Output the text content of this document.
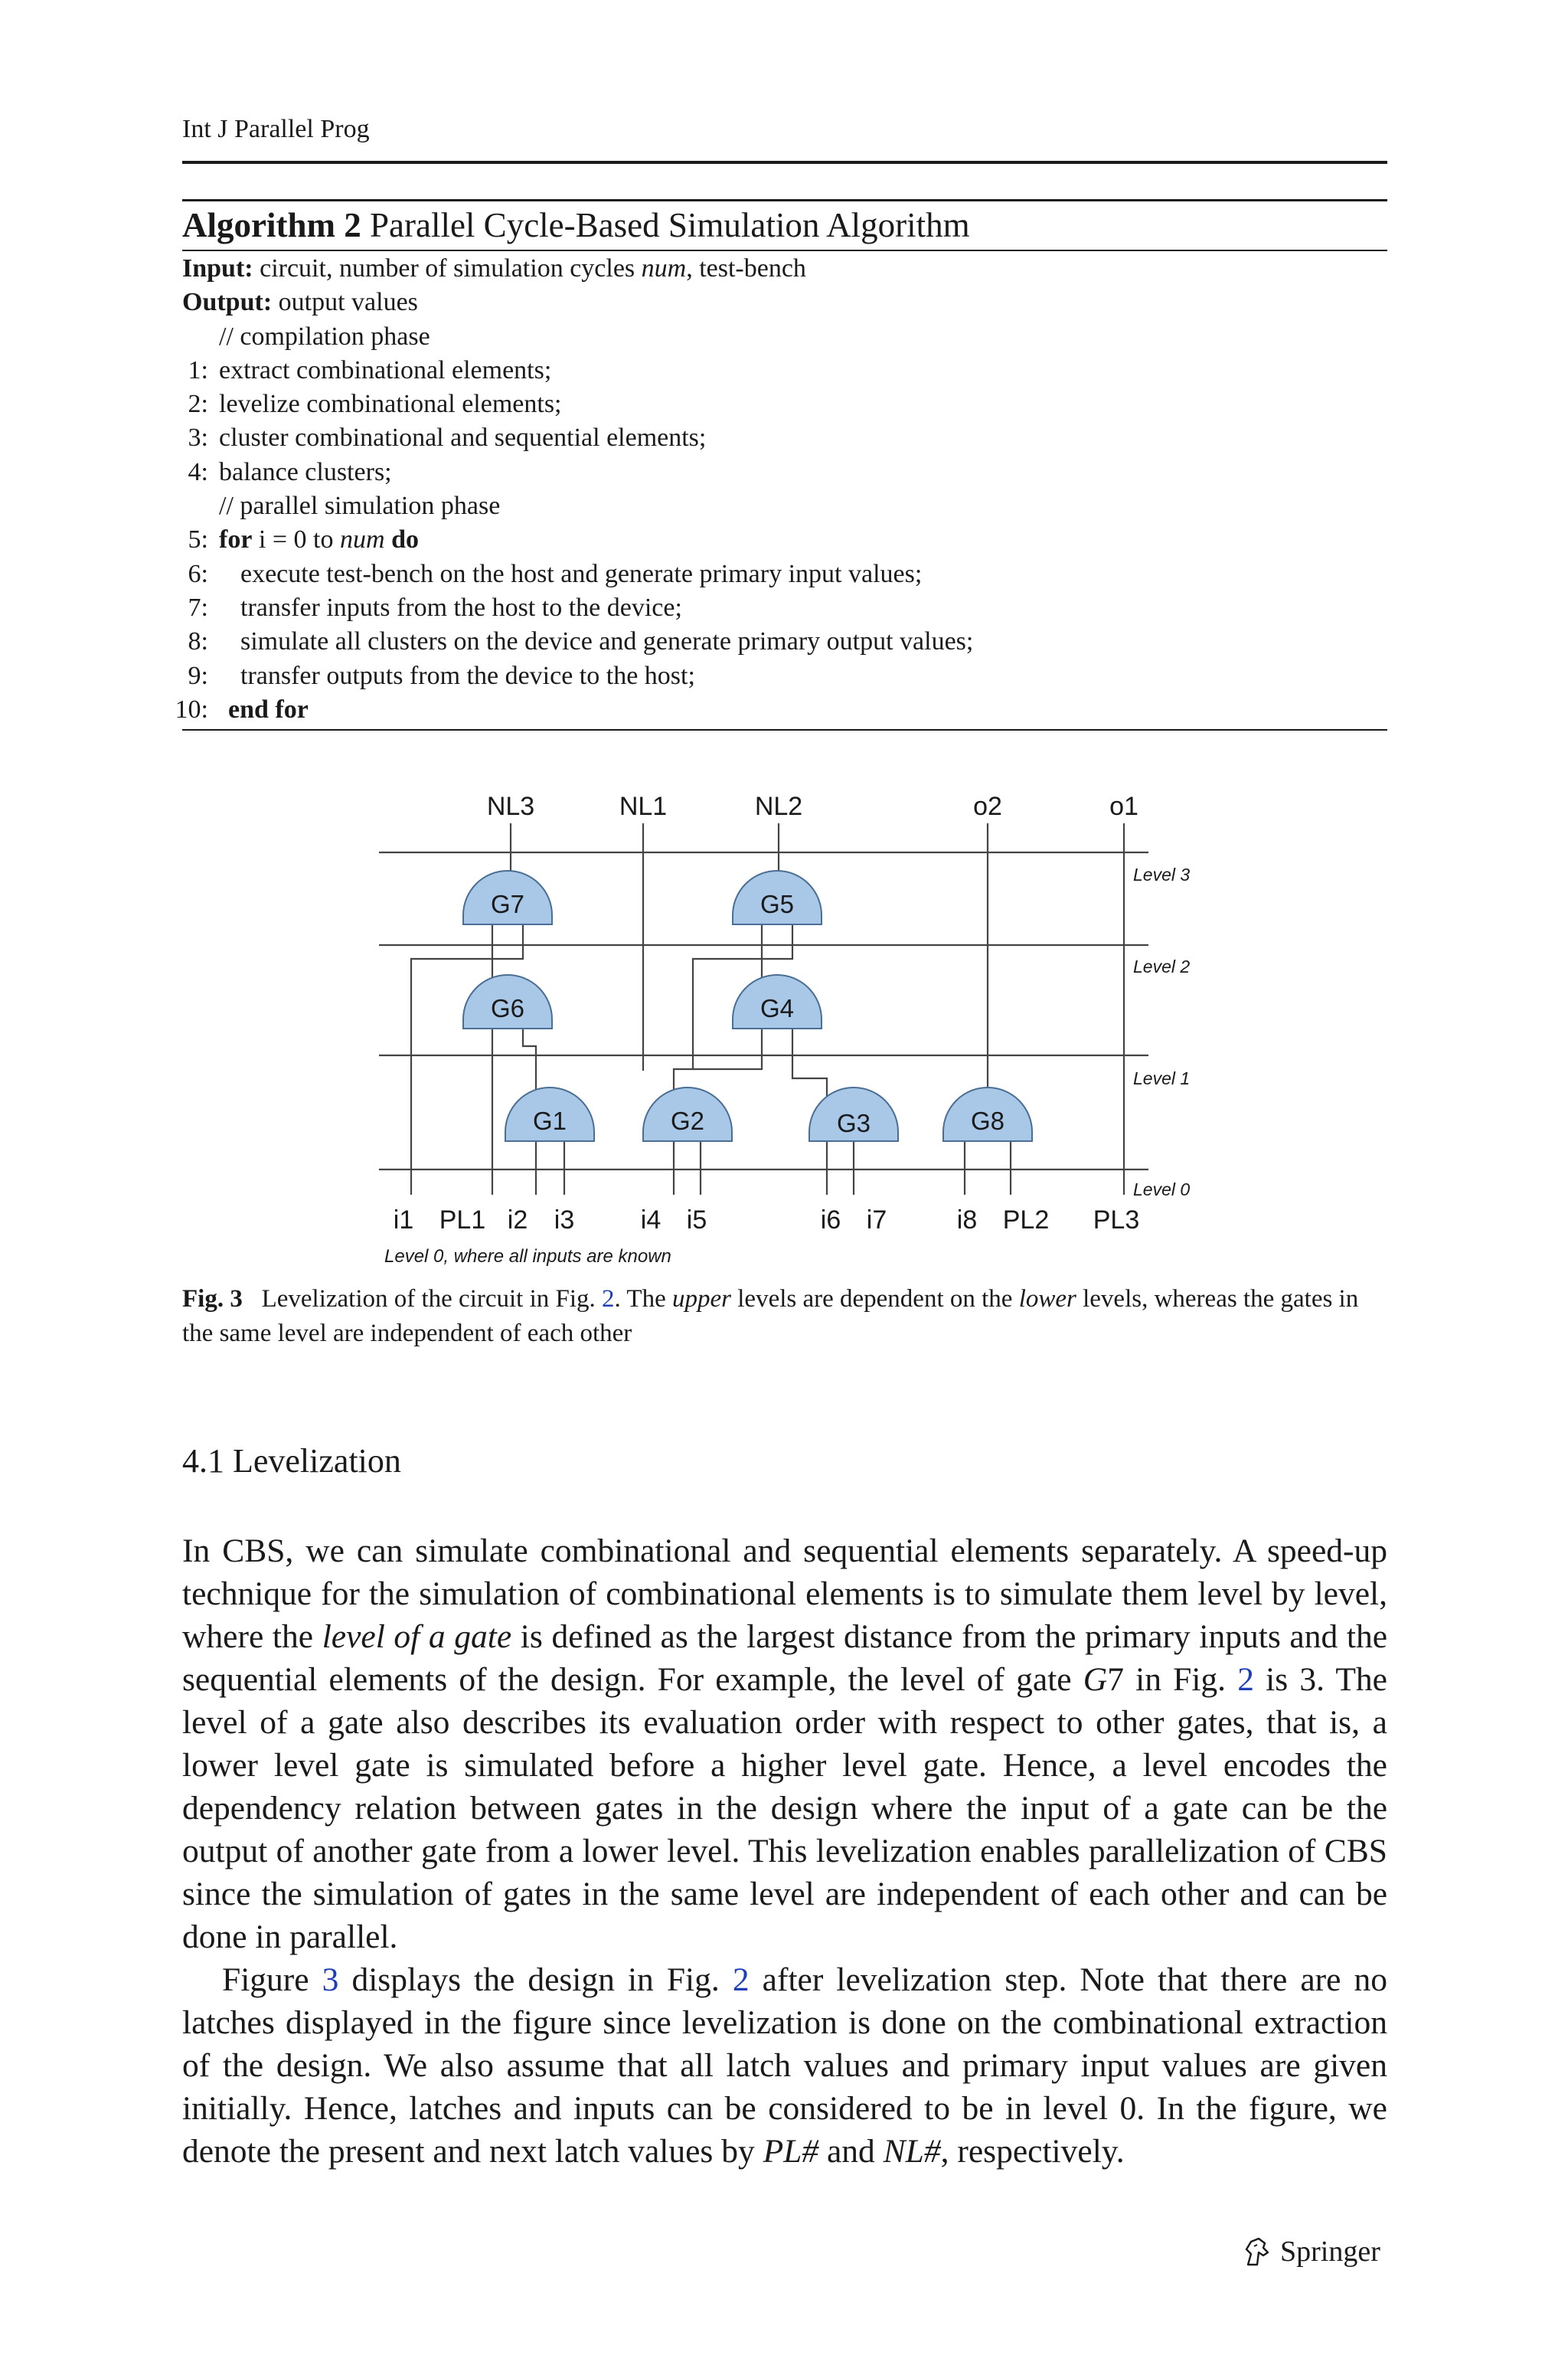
Int J Parallel Prog
Algorithm 2 Parallel Cycle-Based Simulation Algorithm
Input: circuit, number of simulation cycles num, test-bench
Output: output values
// compilation phase
1: extract combinational elements;
2: levelize combinational elements;
3: cluster combinational and sequential elements;
4: balance clusters;
// parallel simulation phase
5: for i = 0 to num do
6: execute test-bench on the host and generate primary input values;
7: transfer inputs from the host to the device;
8: simulate all clusters on the device and generate primary output values;
9: transfer outputs from the device to the host;
10: end for
G7	G5
G6	G4
G1	G2	G3	G8
NL3	NL1	NL2	o2	o1
Level 3
Level 2
Level 1
Level 0
i1 PL1 i2 i3	i4 i5	i6 i7	i8 PL2 PL3
Level 0, where all inputs are known
Fig. 3 Levelization of the circuit in Fig. 2. The upper levels are dependent on the lower levels, whereas the gates in the same level are independent of each other
4.1 Levelization

In CBS, we can simulate combinational and sequential elements separately. A speed-up technique for the simulation of combinational elements is to simulate them level by level, where the level of a gate is defined as the largest distance from the primary inputs and the sequential elements of the design. For example, the level of gate G7 in Fig. 2 is 3. The level of a gate also describes its evaluation order with respect to other gates, that is, a lower level gate is simulated before a higher level gate. Hence, a level encodes the dependency relation between gates in the design where the input of a gate can be the output of another gate from a lower level. This levelization enables parallelization of CBS since the simulation of gates in the same level are independent of each other and can be done in parallel.

Figure 3 displays the design in Fig. 2 after levelization step. Note that there are no latches displayed in the figure since levelization is done on the combinational extraction of the design. We also assume that all latch values and primary input values are given initially. Hence, latches and inputs can be considered to be in level 0. In the figure, we denote the present and next latch values by PL# and NL#, respectively.

Springer
